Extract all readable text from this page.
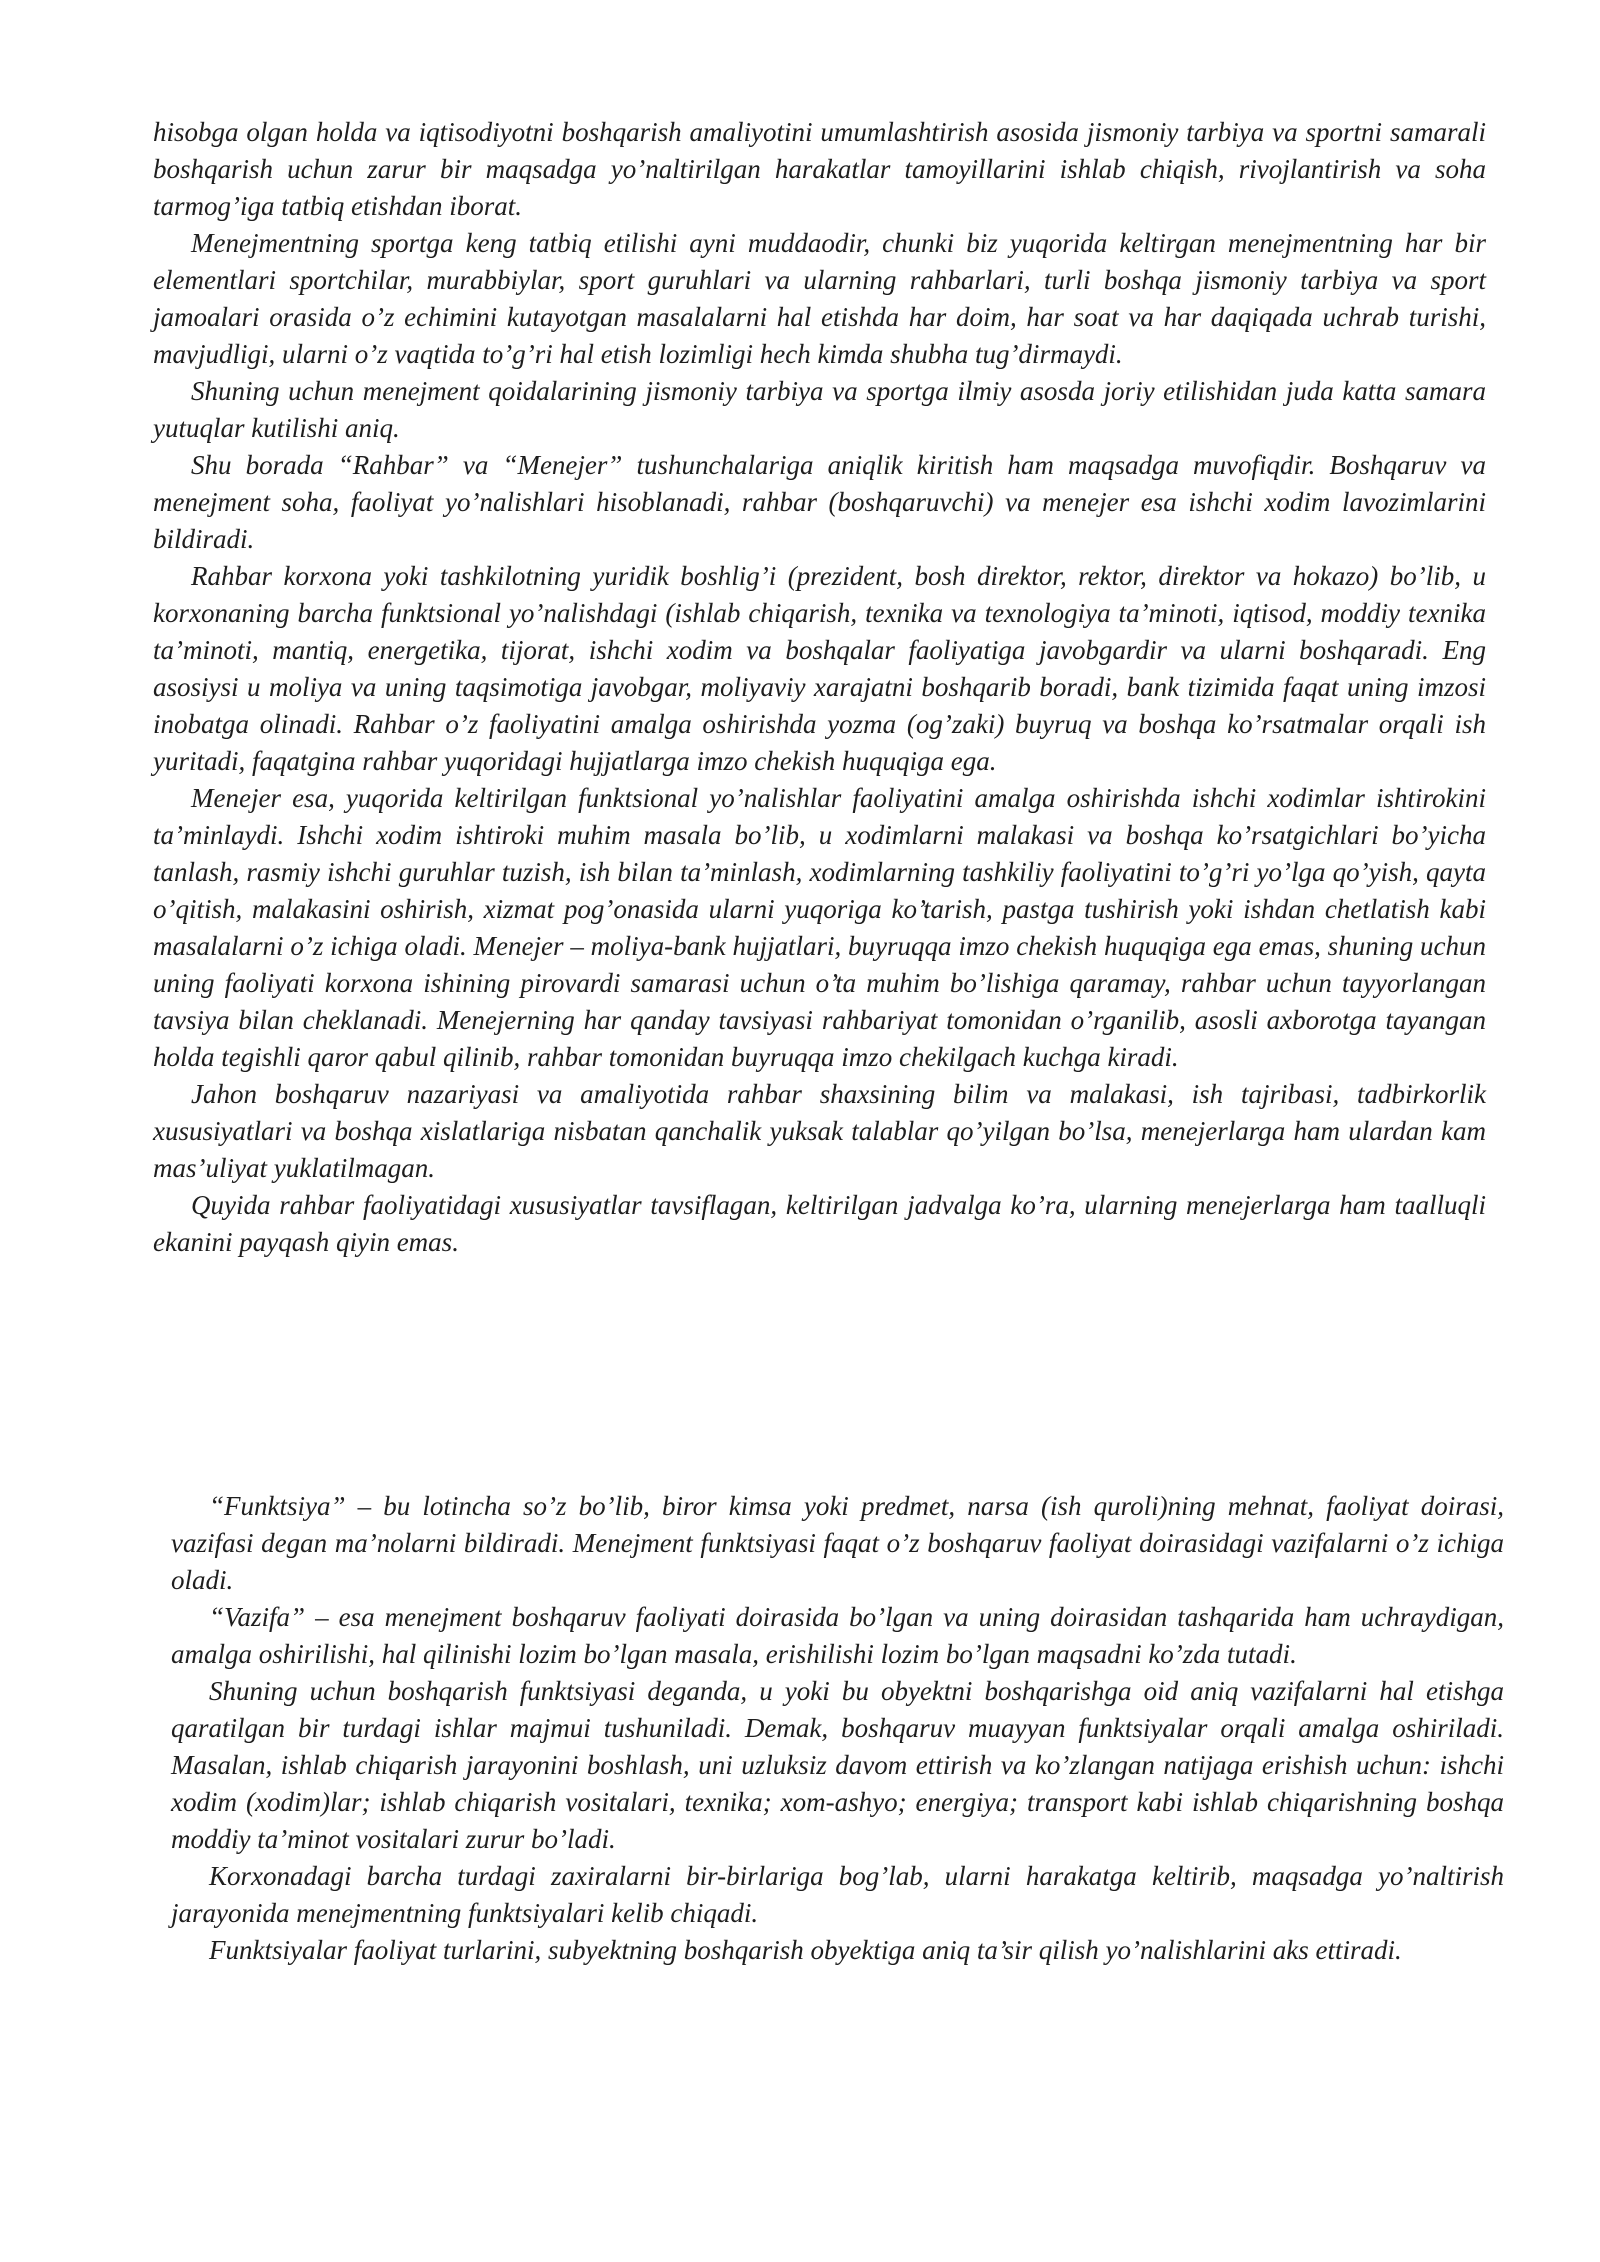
hisobga olgan holda va iqtisodiyotni boshqarish amaliyotini umumlashtirish asosida jismoniy tarbiya va sportni samarali boshqarish uchun zarur bir maqsadga yo’naltirilgan harakatlar tamoyillarini ishlab chiqish, rivojlantirish va soha tarmog’iga tatbiq etishdan iborat.

Menejmentning sportga keng tatbiq etilishi ayni muddaodir, chunki biz yuqorida keltirgan menejmentning har bir elementlari sportchilar, murabbiylar, sport guruhlari va ularning rahbarlari, turli boshqa jismoniy tarbiya va sport jamoalari orasida o’z echimini kutayotgan masalalarni hal etishda har doim, har soat va har daqiqada uchrab turishi, mavjudligi, ularni o’z vaqtida to’g’ri hal etish lozimligi hech kimda shubha tug’dirmaydi.

Shuning uchun menejment qoidalarining jismoniy tarbiya va sportga ilmiy asosda joriy etilishidan juda katta samara yutuqlar kutilishi aniq.

Shu borada “Rahbar” va “Menejer” tushunchalariga aniqlik kiritish ham maqsadga muvofiqdir. Boshqaruv va menejment soha, faoliyat yo’nalishlari hisoblanadi, rahbar (boshqaruvchi) va menejer esa ishchi xodim lavozimlarini bildiradi.

Rahbar korxona yoki tashkilotning yuridik boshlig’i (prezident, bosh direktor, rektor, direktor va hokazo) bo’lib, u korxonaning barcha funktsional yo’nalishdagi (ishlab chiqarish, texnika va texnologiya ta’minoti, iqtisod, moddiy texnika ta’minoti, mantiq, energetika, tijorat, ishchi xodim va boshqalar faoliyatiga javobgardir va ularni boshqaradi. Eng asosiysi u moliya va uning taqsimotiga javobgar, moliyaviy xarajatni boshqarib boradi, bank tizimida faqat uning imzosi inobatga olinadi. Rahbar o’z faoliyatini amalga oshirishda yozma (og’zaki) buyruq va boshqa ko’rsatmalar orqali ish yuritadi, faqatgina rahbar yuqoridagi hujjatlarga imzo chekish huquqiga ega.

Menejer esa, yuqorida keltirilgan funktsional yo’nalishlar faoliyatini amalga oshirishda ishchi xodimlar ishtirokini ta’minlaydi. Ishchi xodim ishtiroki muhim masala bo’lib, u xodimlarni malakasi va boshqa ko’rsatgichlari bo’yicha tanlash, rasmiy ishchi guruhlar tuzish, ish bilan ta’minlash, xodimlarning tashkiliy faoliyatini to’g’ri yo’lga qo’yish, qayta o’qitish, malakasini oshirish, xizmat pog’onasida ularni yuqoriga ko’tarish, pastga tushirish yoki ishdan chetlatish kabi masalalarni o’z ichiga oladi. Menejer – moliya-bank hujjatlari, buyruqqa imzo chekish huquqiga ega emas, shuning uchun uning faoliyati korxona ishining pirovardi samarasi uchun o’ta muhim bo’lishiga qaramay, rahbar uchun tayyorlangan tavsiya bilan cheklanadi. Menejerning har qanday tavsiyasi rahbariyat tomonidan o’rganilib, asosli axborotga tayangan holda tegishli qaror qabul qilinib, rahbar tomonidan buyruqqa imzo chekilgach kuchga kiradi.

Jahon boshqaruv nazariyasi va amaliyotida rahbar shaxsining bilim va malakasi, ish tajribasi, tadbirkorlik xususiyatlari va boshqa xislatlariga nisbatan qanchalik yuksak talablar qo’yilgan bo’lsa, menejerlarga ham ulardan kam mas’uliyat yuklatilmagan.

Quyida rahbar faoliyatidagi xususiyatlar tavsiflagan, keltirilgan jadvalga ko’ra, ularning menejerlarga ham taalluqli ekanini payqash qiyin emas.

“Funktsiya” – bu lotincha so’z bo’lib, biror kimsa yoki predmet, narsa (ish quroli)ning mehnat, faoliyat doirasi, vazifasi degan ma’nolarni bildiradi. Menejment funktsiyasi faqat o’z boshqaruv faoliyat doirasidagi vazifalarni o’z ichiga oladi.

“Vazifa” – esa menejment boshqaruv faoliyati doirasida bo’lgan va uning doirasidan tashqarida ham uchraydigan, amalga oshirilishi, hal qilinishi lozim bo’lgan masala, erishilishi lozim bo’lgan maqsadni ko’zda tutadi.

Shuning uchun boshqarish funktsiyasi deganda, u yoki bu obyektni boshqarishga oid aniq vazifalarni hal etishga qaratilgan bir turdagi ishlar majmui tushuniladi. Demak, boshqaruv muayyan funktsiyalar orqali amalga oshiriladi. Masalan, ishlab chiqarish jarayonini boshlash, uni uzluksiz davom ettirish va ko’zlangan natijaga erishish uchun: ishchi xodim (xodim)lar; ishlab chiqarish vositalari, texnika; xom-ashyo; energiya; transport kabi ishlab chiqarishning boshqa moddiy ta’minot vositalari zurur bo’ladi.

Korxonadagi barcha turdagi zaxiralarni bir-birlariga bog’lab, ularni harakatga keltirib, maqsadga yo’naltirish jarayonida menejmentning funktsiyalari kelib chiqadi.

Funktsiyalar faoliyat turlarini, subyektning boshqarish obyektiga aniq ta’sir qilish yo’nalishlarini aks ettiradi.
